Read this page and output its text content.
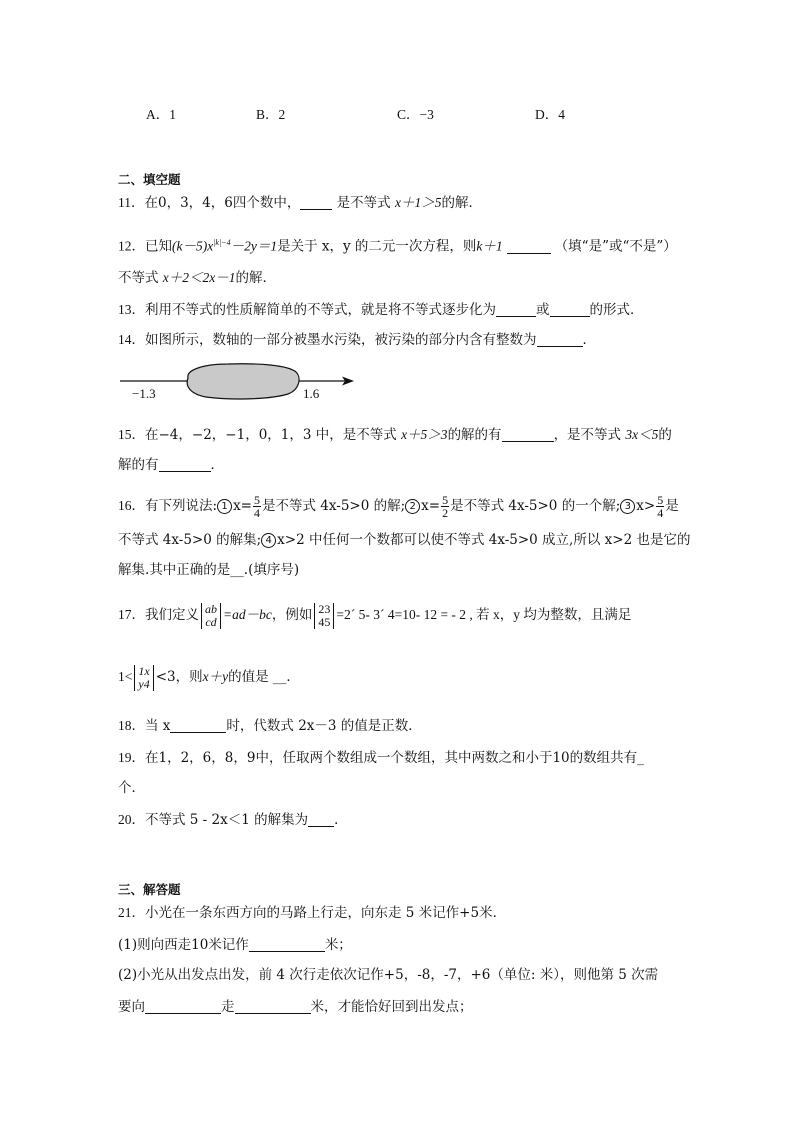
A．1	B．2	C．−3	D．4
二、填空题
11．在0，3，4，6四个数中， 是不等式 x＋1＞5的解．
12．已知$(k-5)x^{|k|-4}-2y=1$是关于 x，y 的二元一次方程，则k＋1	（填“是”或“不是”）
不等式 x＋2＜2x－1的解．
13．利用不等式的性质解简单的不等式，就是将不等式逐步化为	或	的形式．
14．如图所示，数轴的一部分被墨水污染，被污染的部分内含有整数为	．
−1.3	1.6
15．在−4，−2，−1，0，1，3 中，是不等式 x＋5＞3的解的有	，是不等式 3x＜5的
解的有	．
16．有下列说法: 1 $x= \frac{5}{4}$ 是不等式 4x-5>0 的解; 2 $x= \frac{5}{2}$ 是不等式 4x-5>0 的一个解; 3 $x> \frac{5}{4}$ 是
不等式 4x-5>0 的解集; 4 x>2 中任何一个数都可以使不等式 4x-5>0 成立,所以 x>2 也是它的
解集.其中正确的是__.(填序号)
17．我们定义 ab
cd =ad－bc，例如 23
45 =2´ 5- 3´ 4=10- 12 = - 2 , 若 x，y 均为整数，且满足
1< 1x
y4 <3，则x＋y的值是 __．
18．当 x	时，代数式 2x－3 的值是正数．
19．在1，2，6，8，9中，任取两个数组成一个数组，其中两数之和小于10的数组共有_
个．
20．不等式 5 - 2x＜1 的解集为 ．
三、解答题
21．小光在一条东西方向的马路上行走，向东走 5 米记作+5米．
(1)则向西走10米记作	米；
(2)小光从出发点出发，前 4 次行走依次记作+5，-8，-7，+6（单位: 米），则他第 5 次需
要向	走	米，才能恰好回到出发点；
